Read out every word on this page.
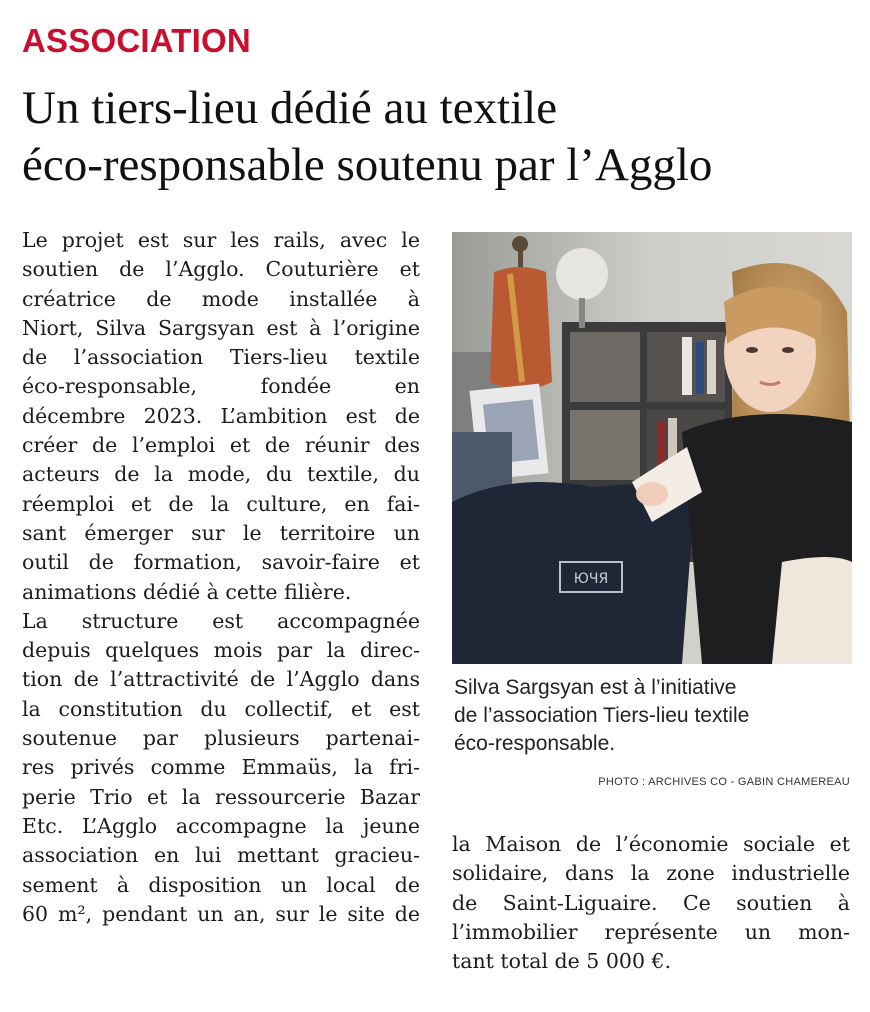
ASSOCIATION
Un tiers-lieu dédié au textile
éco-responsable soutenu par l’Agglo
Le projet est sur les rails, avec le
soutien de l’Agglo. Couturière et
créatrice de mode installée à
Niort, Silva Sargsyan est à l’origine
de l’association Tiers-lieu textile
éco-responsable, fondée en
décembre 2023. L’ambition est de
créer de l’emploi et de réunir des
acteurs de la mode, du textile, du
réemploi et de la culture, en fai-
sant émerger sur le territoire un
outil de formation, savoir-faire et
animations dédié à cette filière.
La structure est accompagnée
depuis quelques mois par la direc-
tion de l’attractivité de l’Agglo dans
la constitution du collectif, et est
soutenue par plusieurs partenai-
res privés comme Emmaüs, la fri-
perie Trio et la ressourcerie Bazar
Etc. L’Agglo accompagne la jeune
association en lui mettant gracieu-
sement à disposition un local de
60 m², pendant un an, sur le site de
ЮЧЯ
Silva Sargsyan est à l’initiative
de l’association Tiers-lieu textile
éco-responsable.
PHOTO : ARCHIVES CO - GABIN CHAMEREAU
la Maison de l’économie sociale et
solidaire, dans la zone industrielle
de Saint-Liguaire. Ce soutien à
l’immobilier représente un mon-
tant total de 5 000 €.
